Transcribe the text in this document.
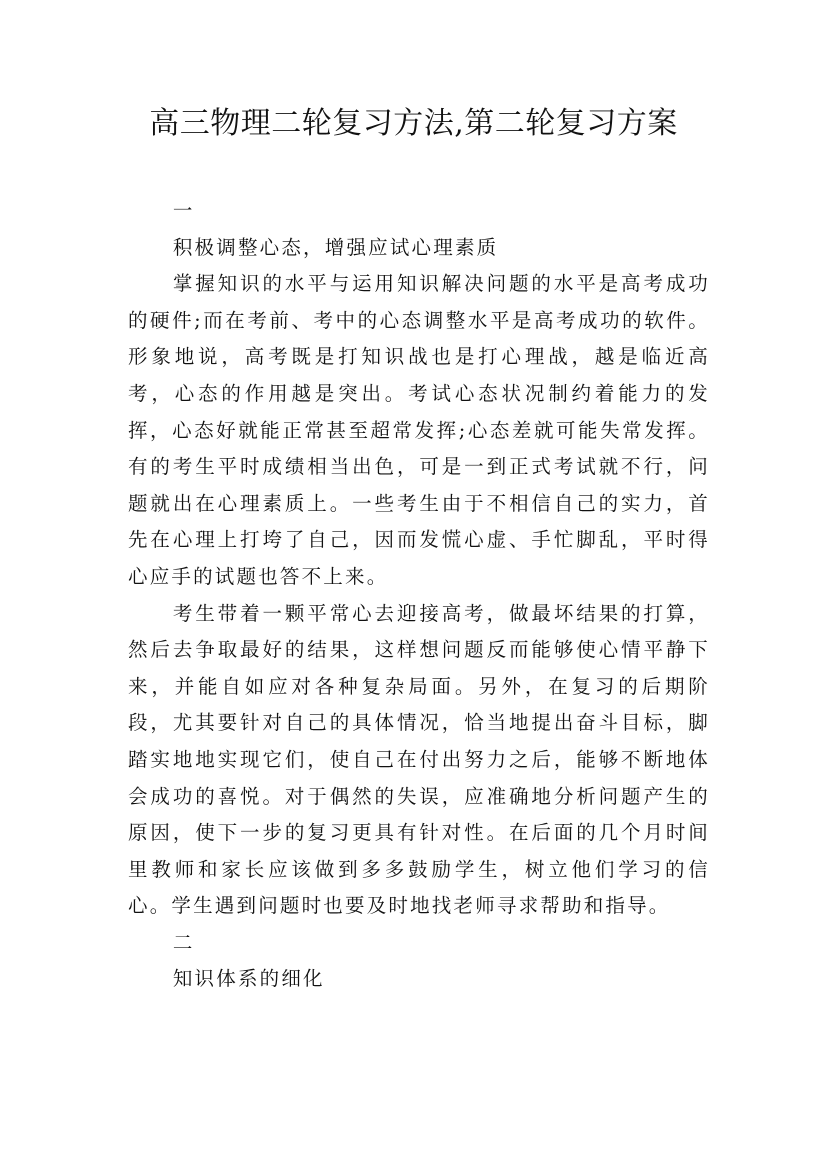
高三物理二轮复习方法,第二轮复习方案

一

积极调整心态，增强应试心理素质

掌握知识的水平与运用知识解决问题的水平是高考成功的硬件;而在考前、考中的心态调整水平是高考成功的软件。形象地说，高考既是打知识战也是打心理战，越是临近高考，心态的作用越是突出。考试心态状况制约着能力的发挥，心态好就能正常甚至超常发挥;心态差就可能失常发挥。有的考生平时成绩相当出色，可是一到正式考试就不行，问题就出在心理素质上。一些考生由于不相信自己的实力，首先在心理上打垮了自己，因而发慌心虚、手忙脚乱，平时得心应手的试题也答不上来。

考生带着一颗平常心去迎接高考，做最坏结果的打算，然后去争取最好的结果，这样想问题反而能够使心情平静下来，并能自如应对各种复杂局面。另外，在复习的后期阶段，尤其要针对自己的具体情况，恰当地提出奋斗目标，脚踏实地地实现它们，使自己在付出努力之后，能够不断地体会成功的喜悦。对于偶然的失误，应准确地分析问题产生的原因，使下一步的复习更具有针对性。在后面的几个月时间里教师和家长应该做到多多鼓励学生，树立他们学习的信心。学生遇到问题时也要及时地找老师寻求帮助和指导。

二

知识体系的细化
